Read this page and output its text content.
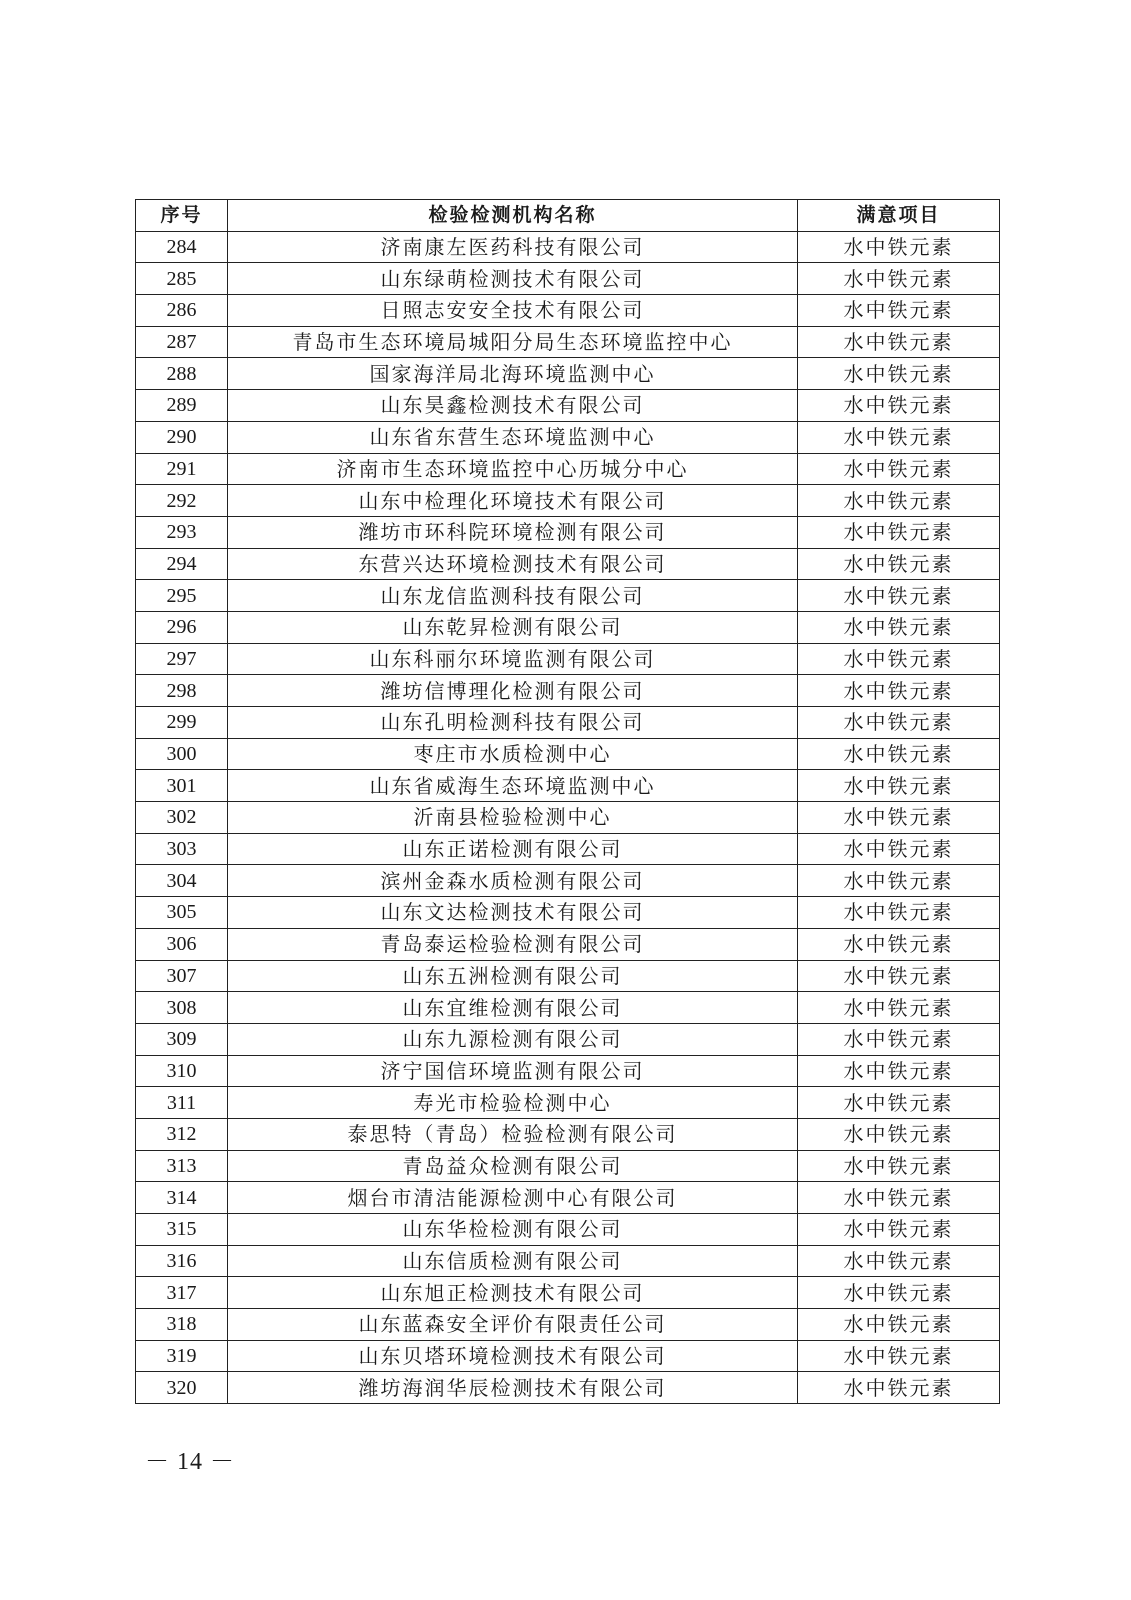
序号	检验检测机构名称	满意项目
284	济南康左医药科技有限公司	水中铁元素
285	山东绿萌检测技术有限公司	水中铁元素
286	日照志安安全技术有限公司	水中铁元素
287	青岛市生态环境局城阳分局生态环境监控中心	水中铁元素
288	国家海洋局北海环境监测中心	水中铁元素
289	山东昊鑫检测技术有限公司	水中铁元素
290	山东省东营生态环境监测中心	水中铁元素
291	济南市生态环境监控中心历城分中心	水中铁元素
292	山东中检理化环境技术有限公司	水中铁元素
293	潍坊市环科院环境检测有限公司	水中铁元素
294	东营兴达环境检测技术有限公司	水中铁元素
295	山东龙信监测科技有限公司	水中铁元素
296	山东乾昇检测有限公司	水中铁元素
297	山东科丽尔环境监测有限公司	水中铁元素
298	潍坊信博理化检测有限公司	水中铁元素
299	山东孔明检测科技有限公司	水中铁元素
300	枣庄市水质检测中心	水中铁元素
301	山东省威海生态环境监测中心	水中铁元素
302	沂南县检验检测中心	水中铁元素
303	山东正诺检测有限公司	水中铁元素
304	滨州金森水质检测有限公司	水中铁元素
305	山东文达检测技术有限公司	水中铁元素
306	青岛泰运检验检测有限公司	水中铁元素
307	山东五洲检测有限公司	水中铁元素
308	山东宜维检测有限公司	水中铁元素
309	山东九源检测有限公司	水中铁元素
310	济宁国信环境监测有限公司	水中铁元素
311	寿光市检验检测中心	水中铁元素
312	泰思特（青岛）检验检测有限公司	水中铁元素
313	青岛益众检测有限公司	水中铁元素
314	烟台市清洁能源检测中心有限公司	水中铁元素
315	山东华检检测有限公司	水中铁元素
316	山东信质检测有限公司	水中铁元素
317	山东旭正检测技术有限公司	水中铁元素
318	山东蓝森安全评价有限责任公司	水中铁元素
319	山东贝塔环境检测技术有限公司	水中铁元素
320	潍坊海润华辰检测技术有限公司	水中铁元素
－ 14 －
